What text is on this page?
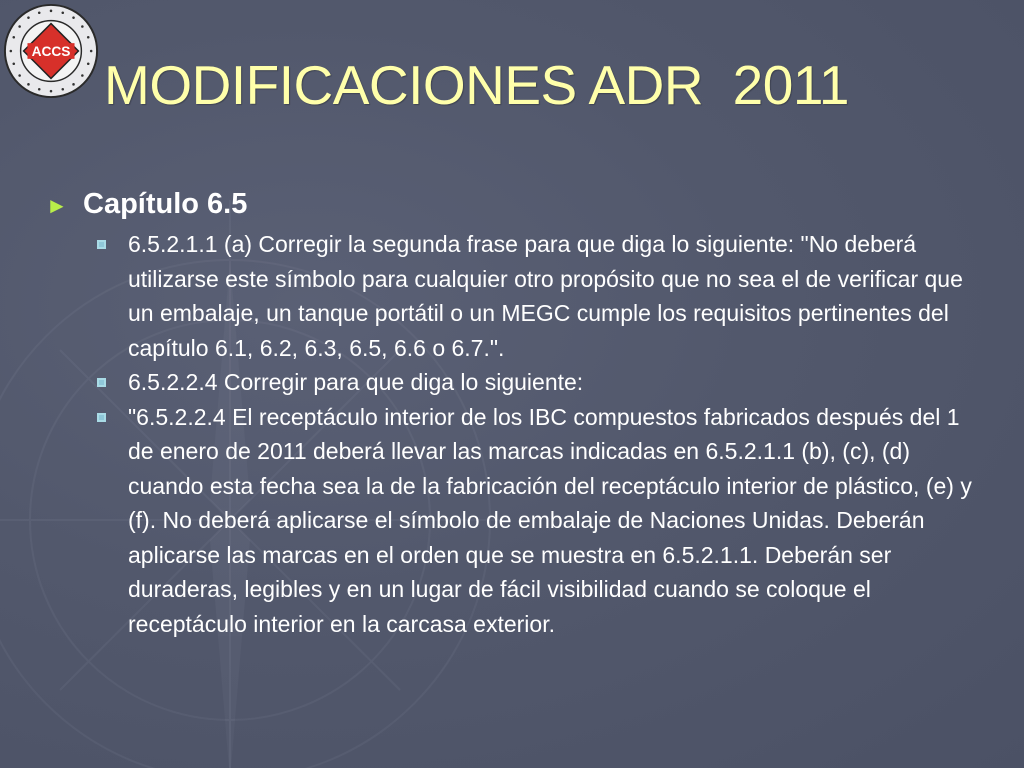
ACCS
MODIFICACIONES ADR  2011
► Capítulo 6.5
6.5.2.1.1 (a) Corregir la segunda frase para que diga lo siguiente: "No deberá utilizarse este símbolo para cualquier otro propósito que no sea el de verificar que un embalaje, un tanque portátil o un MEGC cumple los requisitos pertinentes del capítulo 6.1, 6.2, 6.3, 6.5, 6.6 o 6.7.".
6.5.2.2.4 Corregir para que diga lo siguiente:
"6.5.2.2.4 El receptáculo interior de los IBC compuestos fabricados después del 1 de enero de 2011 deberá llevar las marcas indicadas en 6.5.2.1.1 (b), (c), (d) cuando esta fecha sea la de la fabricación del receptáculo interior de plástico, (e) y (f). No deberá aplicarse el símbolo de embalaje de Naciones Unidas. Deberán aplicarse las marcas en el orden que se muestra en 6.5.2.1.1. Deberán ser duraderas, legibles y en un lugar de fácil visibilidad cuando se coloque el receptáculo interior en la carcasa exterior.
